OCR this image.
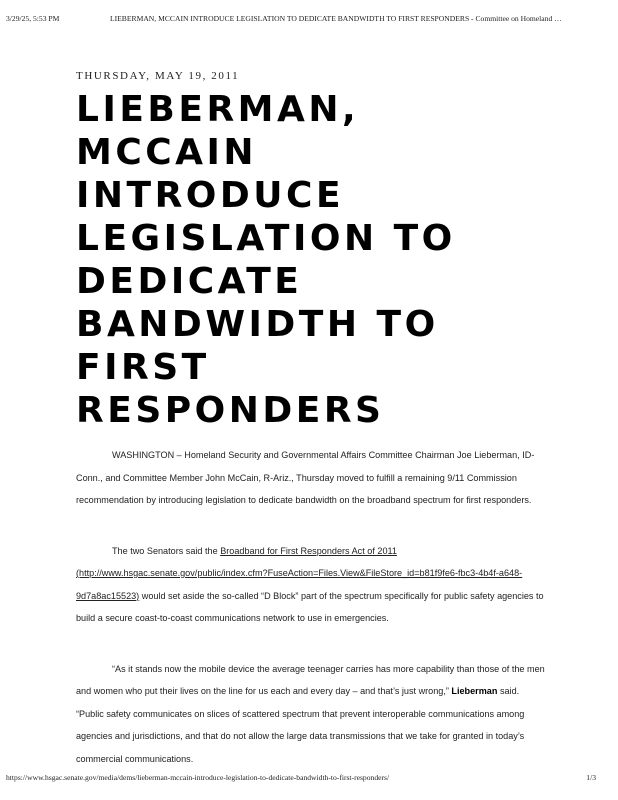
3/29/25, 5:53 PM	LIEBERMAN, MCCAIN INTRODUCE LEGISLATION TO DEDICATE BANDWIDTH TO FIRST RESPONDERS - Committee on Homeland …
THURSDAY, MAY 19, 2011
LIEBERMAN,
MCCAIN
INTRODUCE
LEGISLATION TO
DEDICATE
BANDWIDTH TO
FIRST
RESPONDERS

WASHINGTON – Homeland Security and Governmental Affairs Committee Chairman Joe Lieberman, ID-Conn., and Committee Member John McCain, R-Ariz., Thursday moved to fulfill a remaining 9/11 Commission recommendation by introducing legislation to dedicate bandwidth on the broadband spectrum for first responders.

The two Senators said the Broadband for First Responders Act of 2011 (http://www.hsgac.senate.gov/public/index.cfm?FuseAction=Files.View&FileStore_id=b81f9fe6-fbc3-4b4f-a648-9d7a8ac15523) would set aside the so-called “D Block” part of the spectrum specifically for public safety agencies to build a secure coast-to-coast communications network to use in emergencies.

“As it stands now the mobile device the average teenager carries has more capability than those of the men and women who put their lives on the line for us each and every day – and that’s just wrong,” Lieberman said. “Public safety communicates on slices of scattered spectrum that prevent interoperable communications among agencies and jurisdictions, and that do not allow the large data transmissions that we take for granted in today’s commercial communications.

https://www.hsgac.senate.gov/media/dems/lieberman-mccain-introduce-legislation-to-dedicate-bandwidth-to-first-responders/	1/3
